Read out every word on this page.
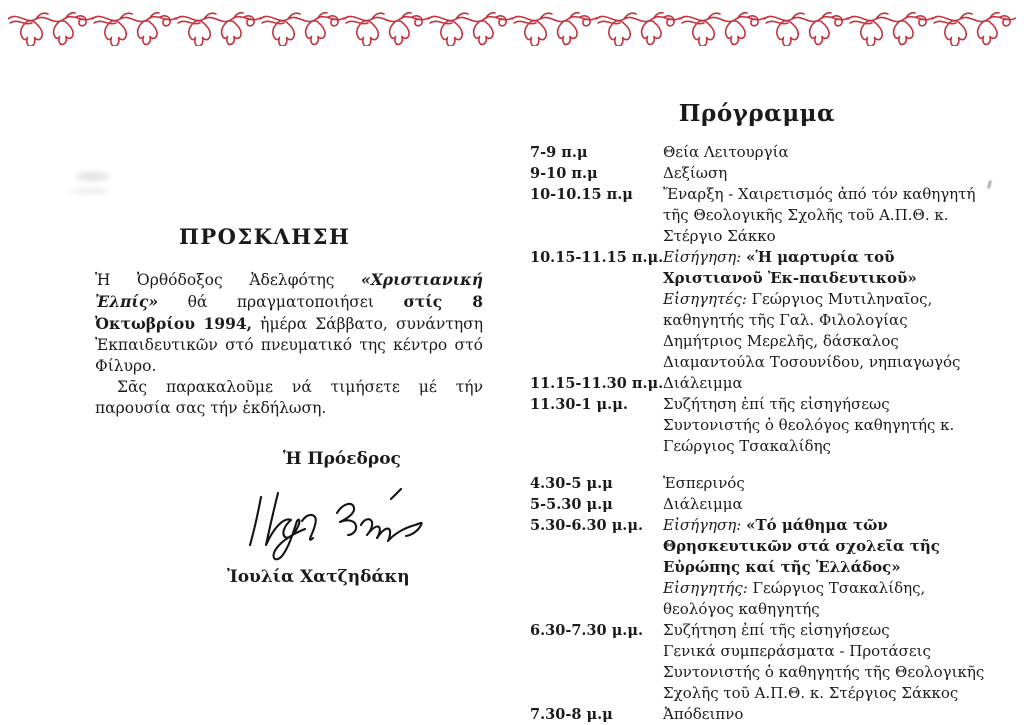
ΠΡΟΣΚΛΗΣΗ

Ἡ Ὀρθόδοξος Ἀδελφότης «Χριστιανική Ἐλπίς» θά πραγματοποιήσει στίς 8 Ὀκτωβρίου 1994, ἡμέρα Σάββατο, συνάντηση Ἐκπαιδευτικῶν στό πνευματικό της κέντρο στό Φίλυρο.

Σᾶς παρακαλοῦμε νά τιμήσετε μέ τήν παρουσία σας τήν ἐκδήλωση.

Ἡ Πρόεδρος
Ἰουλία Χατζηδάκη
Πρόγραμμα
7-9 π.μ	Θεία Λειτουργία
9-10 π.μ	Δεξίωση
10-10.15 π.μ	Ἔναρξη - Χαιρετισμός ἀπό τόν καθηγητή τῆς Θεολογικῆς Σχολῆς τοῦ Α.Π.Θ. κ. Στέργιο Σάκκο
10.15-11.15 π.μ. Εἰσήγηση: «Ἡ μαρτυρία τοῦ Χριστιανοῦ Ἐκ-παιδευτικοῦ»
Εἰσηγητές: Γεώργιος Μυτιληναῖος, καθηγητής τῆς Γαλ. Φιλολογίας
Δημήτριος Μερελῆς, δάσκαλος
Διαμαντούλα Τοσουνίδου, νηπιαγωγός
11.15-11.30 π.μ. Διάλειμμα
11.30-1 μ.μ.	Συζήτηση ἐπί τῆς εἰσηγήσεως
Συντονιστής ὁ θεολόγος καθηγητής κ. Γεώργιος Τσακαλίδης
4.30-5 μ.μ	Ἑσπερινός
5-5.30 μ.μ	Διάλειμμα
5.30-6.30 μ.μ.	Εἰσήγηση: «Τό μάθημα τῶν Θρησκευτικῶν στά σχολεῖα τῆς Εὐρώπης καί τῆς Ἑλλάδος»
Εἰσηγητής: Γεώργιος Τσακαλίδης, θεολόγος καθηγητής
6.30-7.30 μ.μ.	Συζήτηση ἐπί τῆς εἰσηγήσεως
Γενικά συμπεράσματα - Προτάσεις
Συντονιστής ὁ καθηγητής τῆς Θεολογικῆς Σχολῆς τοῦ Α.Π.Θ. κ. Στέργιος Σάκκος
7.30-8 μ.μ	Ἀπόδειπνο
